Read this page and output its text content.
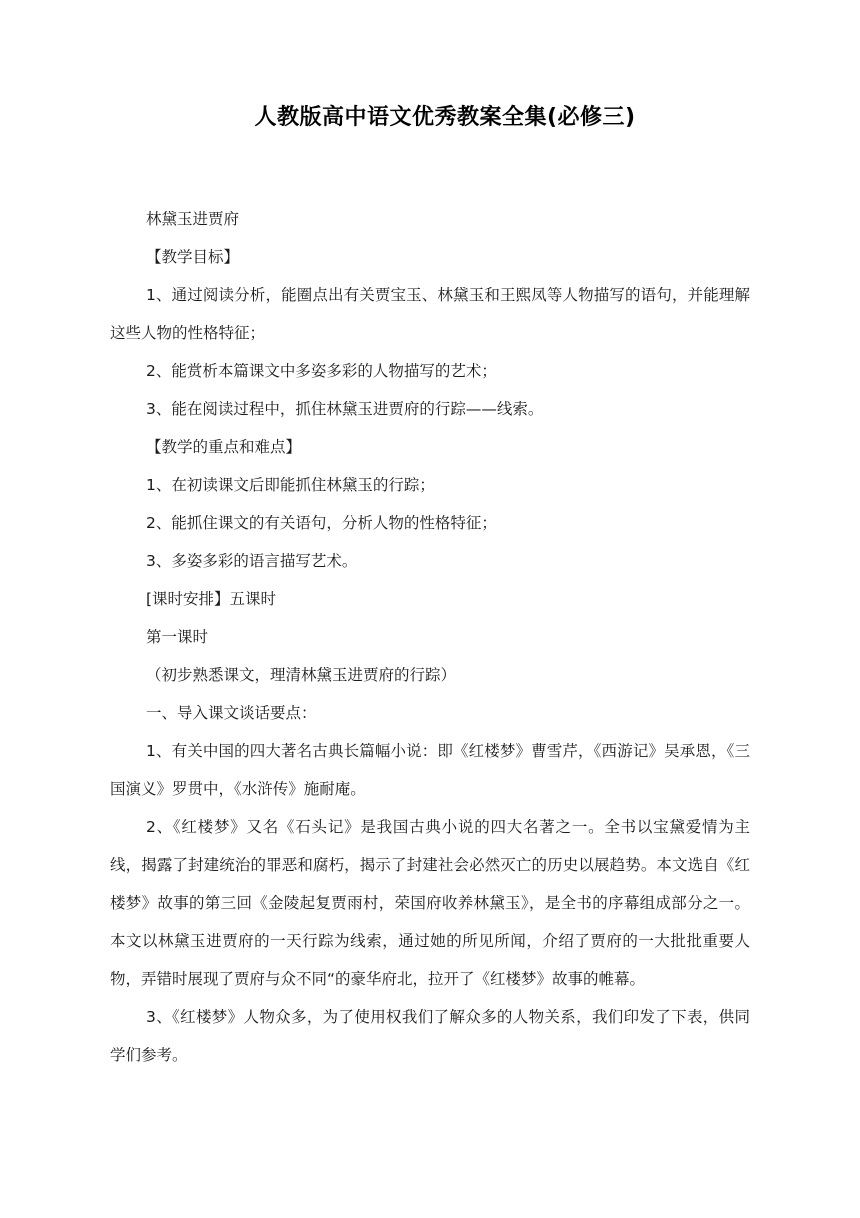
人教版高中语文优秀教案全集(必修三)

林黛玉进贾府

【教学目标】

1、通过阅读分析，能圈点出有关贾宝玉、林黛玉和王熙凤等人物描写的语句，并能理解这些人物的性格特征；

2、能赏析本篇课文中多姿多彩的人物描写的艺术；

3、能在阅读过程中，抓住林黛玉进贾府的行踪——线索。

【教学的重点和难点】

1、在初读课文后即能抓住林黛玉的行踪；

2、能抓住课文的有关语句，分析人物的性格特征；

3、多姿多彩的语言描写艺术。

[课时安排】五课时

第一课时

（初步熟悉课文，理清林黛玉进贾府的行踪）

一、导入课文谈话要点：

1、有关中国的四大著名古典长篇幅小说：即《红楼梦》曹雪芹，《西游记》吴承恩，《三国演义》罗贯中，《水浒传》施耐庵。

2、《红楼梦》又名《石头记》是我国古典小说的四大名著之一。全书以宝黛爱情为主线，揭露了封建统治的罪恶和腐朽，揭示了封建社会必然灭亡的历史以展趋势。本文选自《红楼梦》故事的第三回《金陵起复贾雨村，荣国府收养林黛玉》，是全书的序幕组成部分之一。本文以林黛玉进贾府的一天行踪为线索，通过她的所见所闻，介绍了贾府的一大批批重要人物，弄错时展现了贾府与众不同“的豪华府北，拉开了《红楼梦》故事的帷幕。

3、《红楼梦》人物众多，为了使用权我们了解众多的人物关系，我们印发了下表，供同学们参考。
